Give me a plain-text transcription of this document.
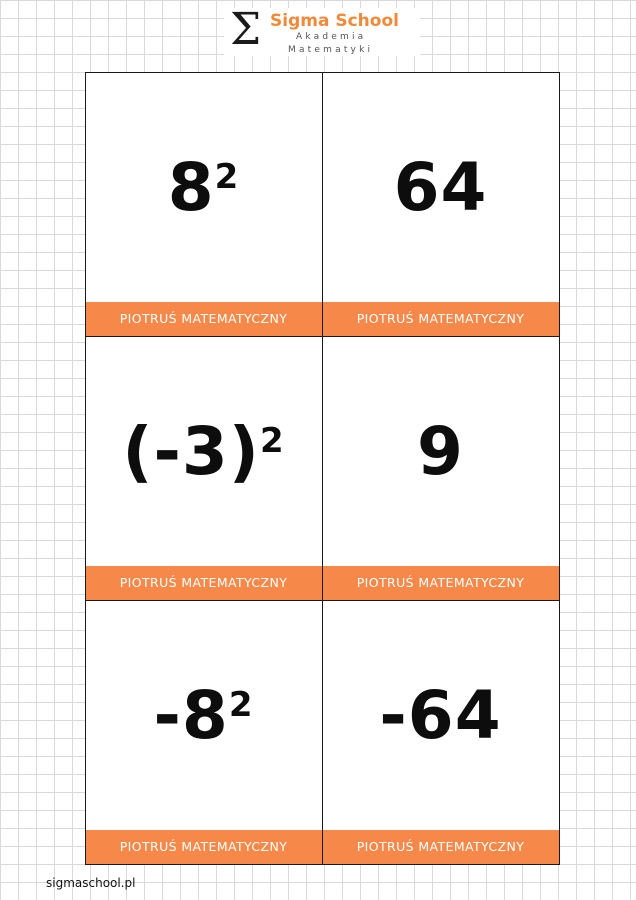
Σ Sigma School
Akademia
Matematyki
$8^2$
PIOTRUŚ MATEMATYCZNY
64
PIOTRUŚ MATEMATYCZNY
$(-3)^2$
PIOTRUŚ MATEMATYCZNY
9
PIOTRUŚ MATEMATYCZNY
$-8^2$
PIOTRUŚ MATEMATYCZNY
-64
PIOTRUŚ MATEMATYCZNY
sigmaschool.pl
